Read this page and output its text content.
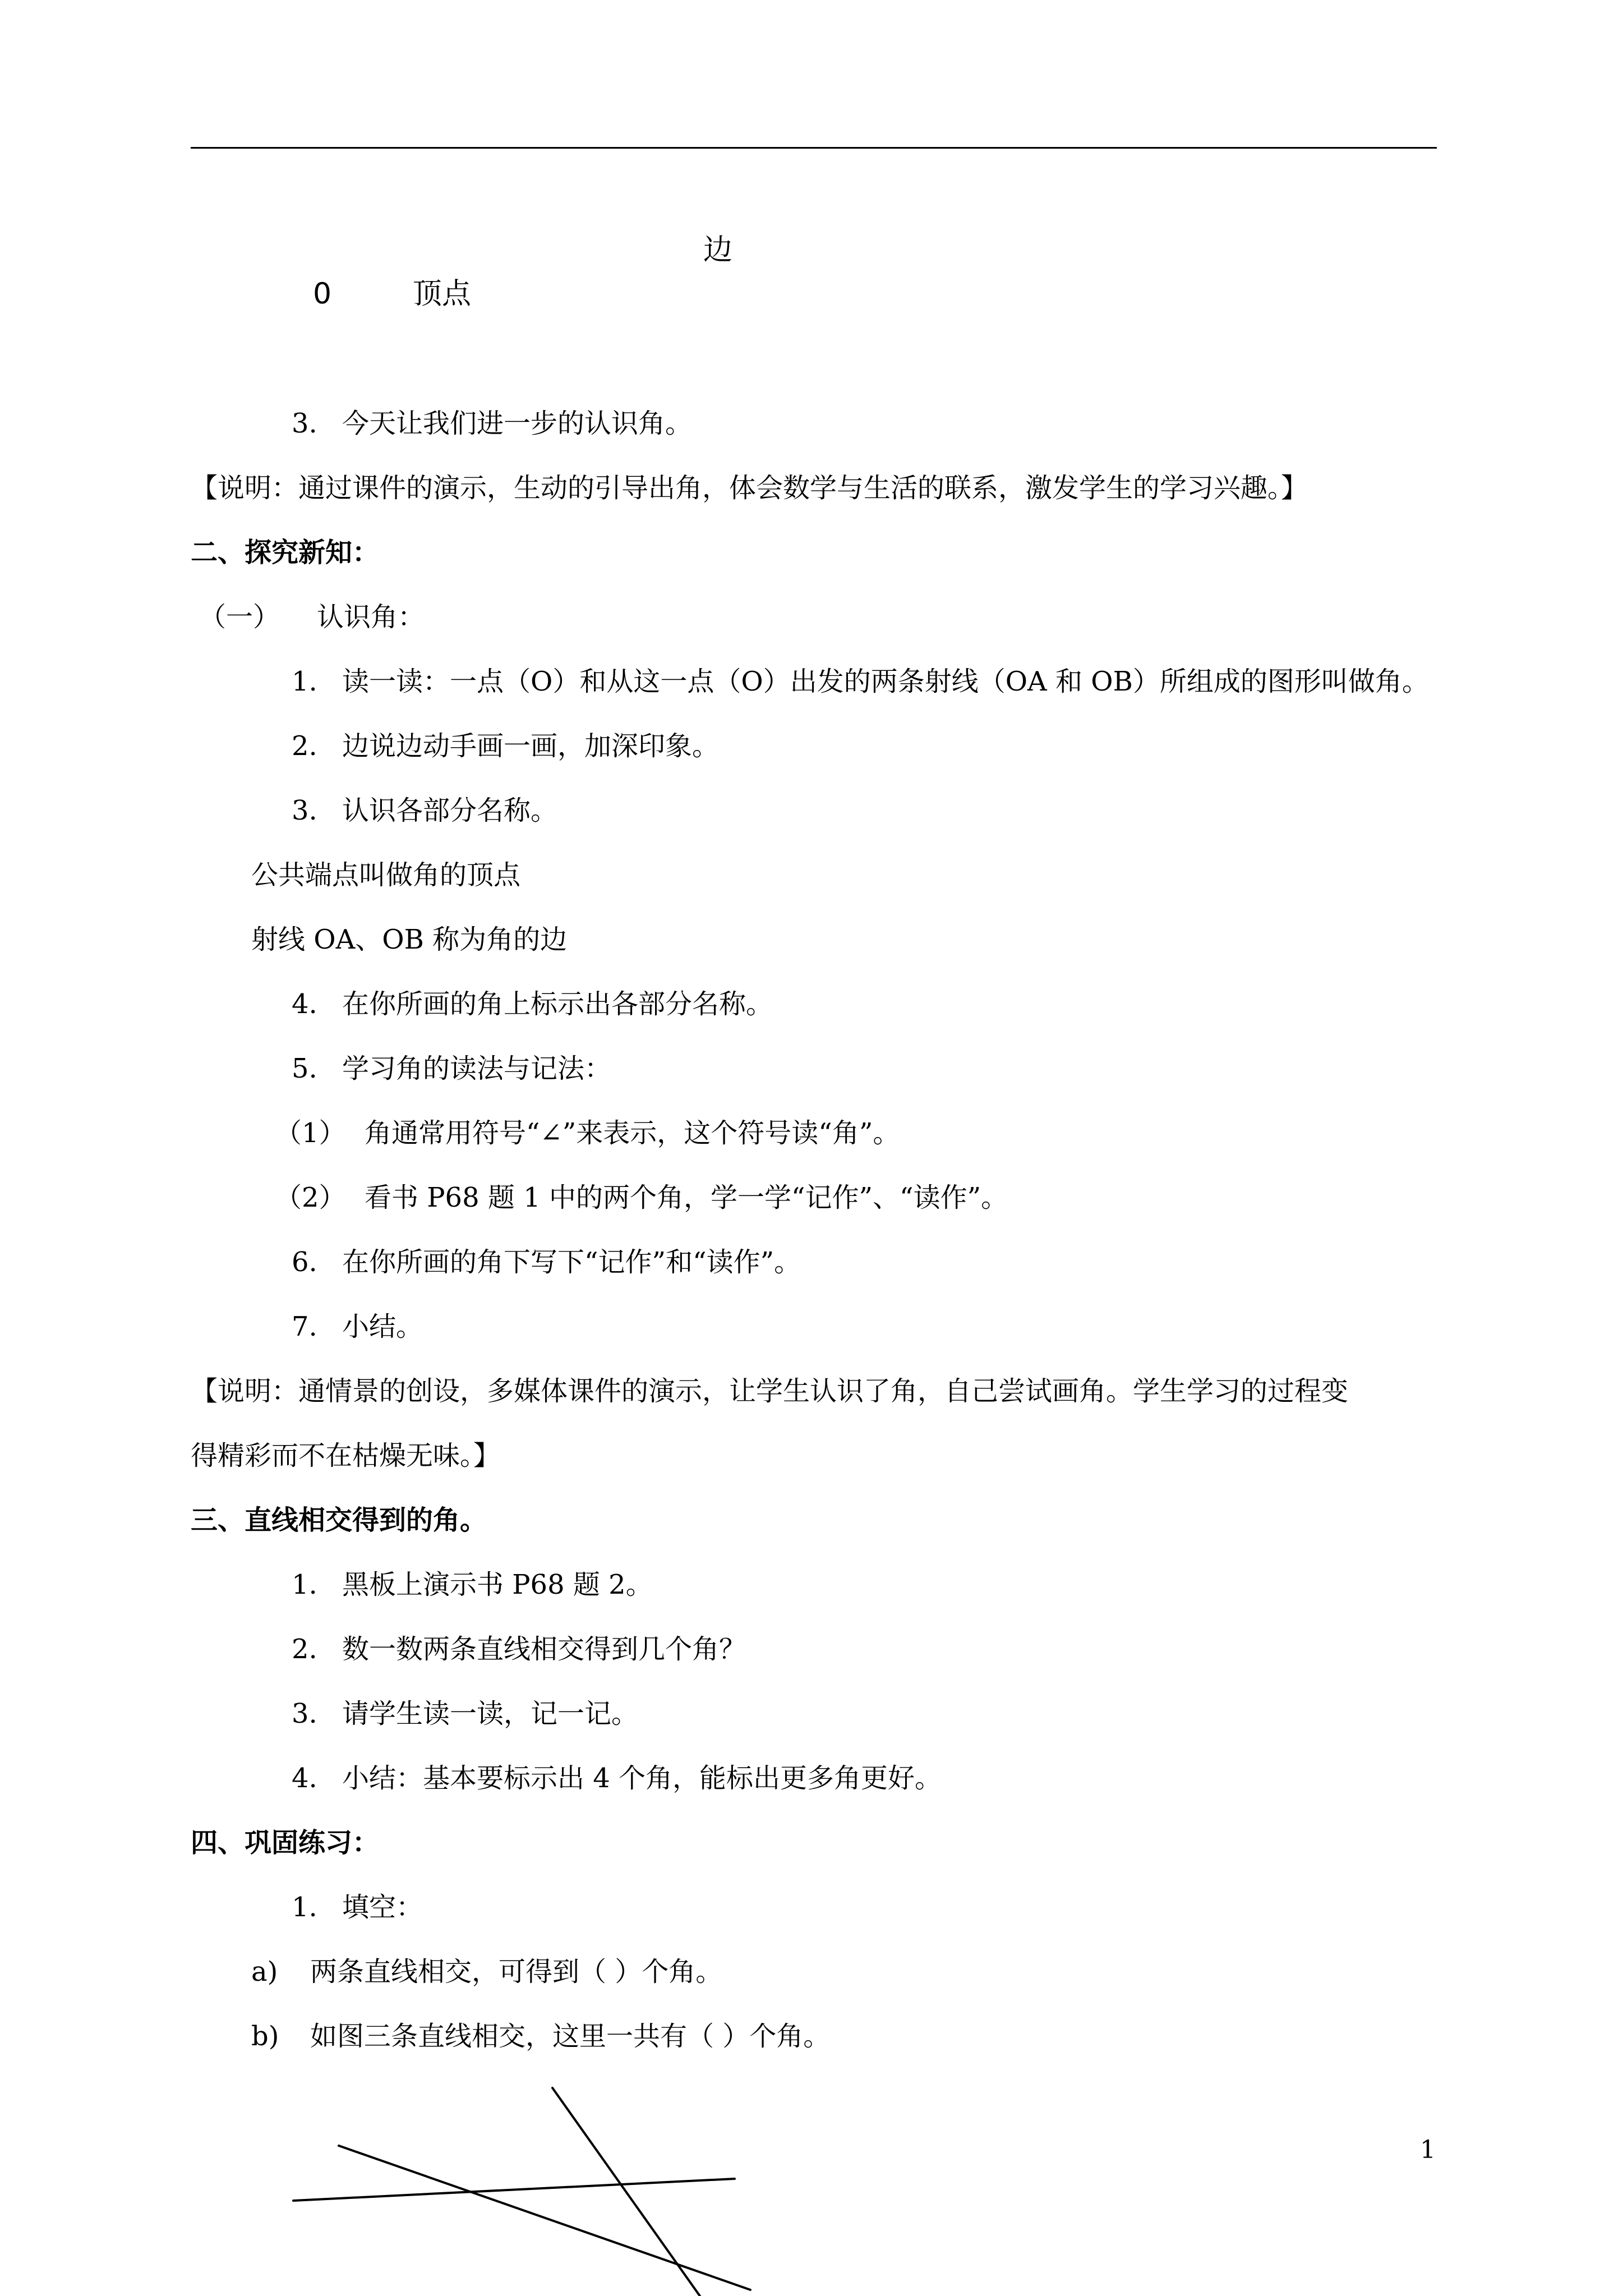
边
0	顶点
3. 今天让我们进一步的认识角。
【说明：通过课件的演示，生动的引导出角，体会数学与生活的联系，激发学生的学习兴趣。】
二、探究新知：
（一） 认识角：
1. 读一读：一点（O）和从这一点（O）出发的两条射线（OA 和 OB）所组成的图形叫做角。
2. 边说边动手画一画，加深印象。
3. 认识各部分名称。
公共端点叫做角的顶点
射线 OA、OB 称为角的边
4. 在你所画的角上标示出各部分名称。
5. 学习角的读法与记法：
（1） 角通常用符号“∠”来表示，这个符号读“角”。
（2） 看书 P68 题 1 中的两个角，学一学“记作”、“读作”。
6. 在你所画的角下写下“记作”和“读作”。
7. 小结。
【说明：通情景的创设，多媒体课件的演示，让学生认识了角，自己尝试画角。学生学习的过程变
得精彩而不在枯燥无味。】
三、直线相交得到的角。
1. 黑板上演示书 P68 题 2。
2. 数一数两条直线相交得到几个角？
3. 请学生读一读，记一记。
4. 小结：基本要标示出 4 个角，能标出更多角更好。
四、巩固练习：
1. 填空：
a) 两条直线相交，可得到（ ）个角。
b) 如图三条直线相交，这里一共有（ ）个角。
1
